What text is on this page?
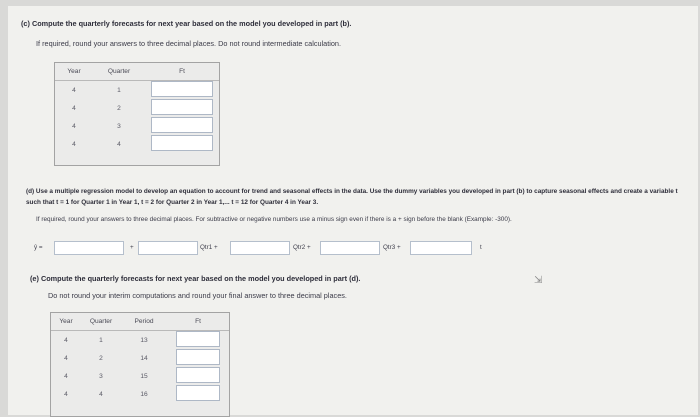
(c) Compute the quarterly forecasts for next year based on the model you developed in part (b).
If required, round your answers to three decimal places. Do not round intermediate calculation.
Year	Quarter	Ft
4	1	
4	2	
4	3	
4	4	
(d) Use a multiple regression model to develop an equation to account for trend and seasonal effects in the data. Use the dummy variables you developed in part (b) to capture seasonal effects and create a variable t such that t = 1 for Quarter 1 in Year 1, t = 2 for Quarter 2 in Year 1,... t = 12 for Quarter 4 in Year 3.
If required, round your answers to three decimal places. For subtractive or negative numbers use a minus sign even if there is a + sign before the blank (Example: -300).
ŷ =	+	Qtr1 +	Qtr2 +	Qtr3 +	t
(e) Compute the quarterly forecasts for next year based on the model you developed in part (d).
Do not round your interim computations and round your final answer to three decimal places.
⇲
Year	Quarter	Period	Ft
4	1	13	
4	2	14	
4	3	15	
4	4	16	
